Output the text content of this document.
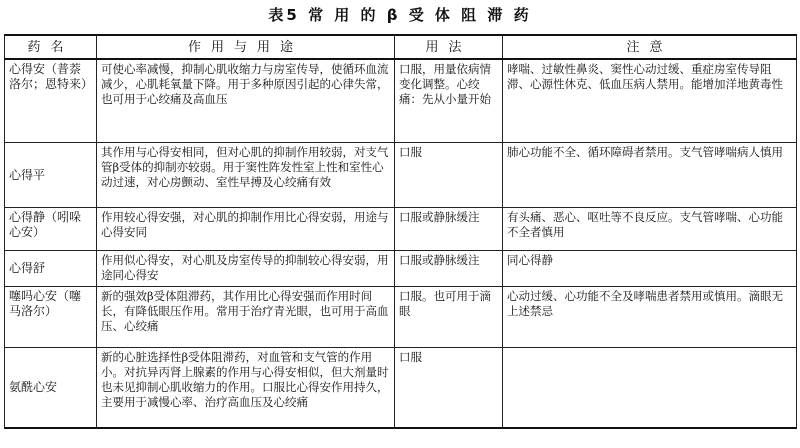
表5 常 用 的 β 受 体 阻 滞 药
药名	作用与用途	用法	注意
心得安（普萘洛尔；恩特来）	可使心率减慢，抑制心肌收缩力与房室传导，使循环血流减少，心肌耗氧量下降。用于多种原因引起的心律失常，也可用于心绞痛及高血压	口服，用量依病情变化调整。心绞痛：先从小量开始	哮喘、过敏性鼻炎、窦性心动过缓、重症房室传导阻滞、心源性休克、低血压病人禁用。能增加洋地黄毒性
心得平	其作用与心得安相同，但对心肌的抑制作用较弱，对支气管β受体的抑制亦较弱。用于窦性阵发性室上性和室性心动过速，对心房颤动、室性早搏及心绞痛有效	口服	肺心功能不全、循环障碍者禁用。支气管哮喘病人慎用
心得静（吲哚心安）	作用较心得安强，对心肌的抑制作用比心得安弱，用途与心得安同	口服或静脉缓注	有头痛、恶心、呕吐等不良反应。支气管哮喘、心功能不全者慎用
心得舒	作用似心得安，对心肌及房室传导的抑制较心得安弱，用途同心得安	口服或静脉缓注	同心得静
噻吗心安（噻马洛尔）	新的强效β受体阻滞药，其作用比心得安强而作用时间长，有降低眼压作用。常用于治疗青光眼，也可用于高血压、心绞痛	口服。也可用于滴眼	心动过缓、心功能不全及哮喘患者禁用或慎用。滴眼无上述禁忌
氨酰心安	新的心脏选择性β受体阻滞药，对血管和支气管的作用小。对抗异丙肾上腺素的作用与心得安相似，但大剂量时也未见抑制心肌收缩力的作用。口服比心得安作用持久，主要用于减慢心率、治疗高血压及心绞痛	口服	
